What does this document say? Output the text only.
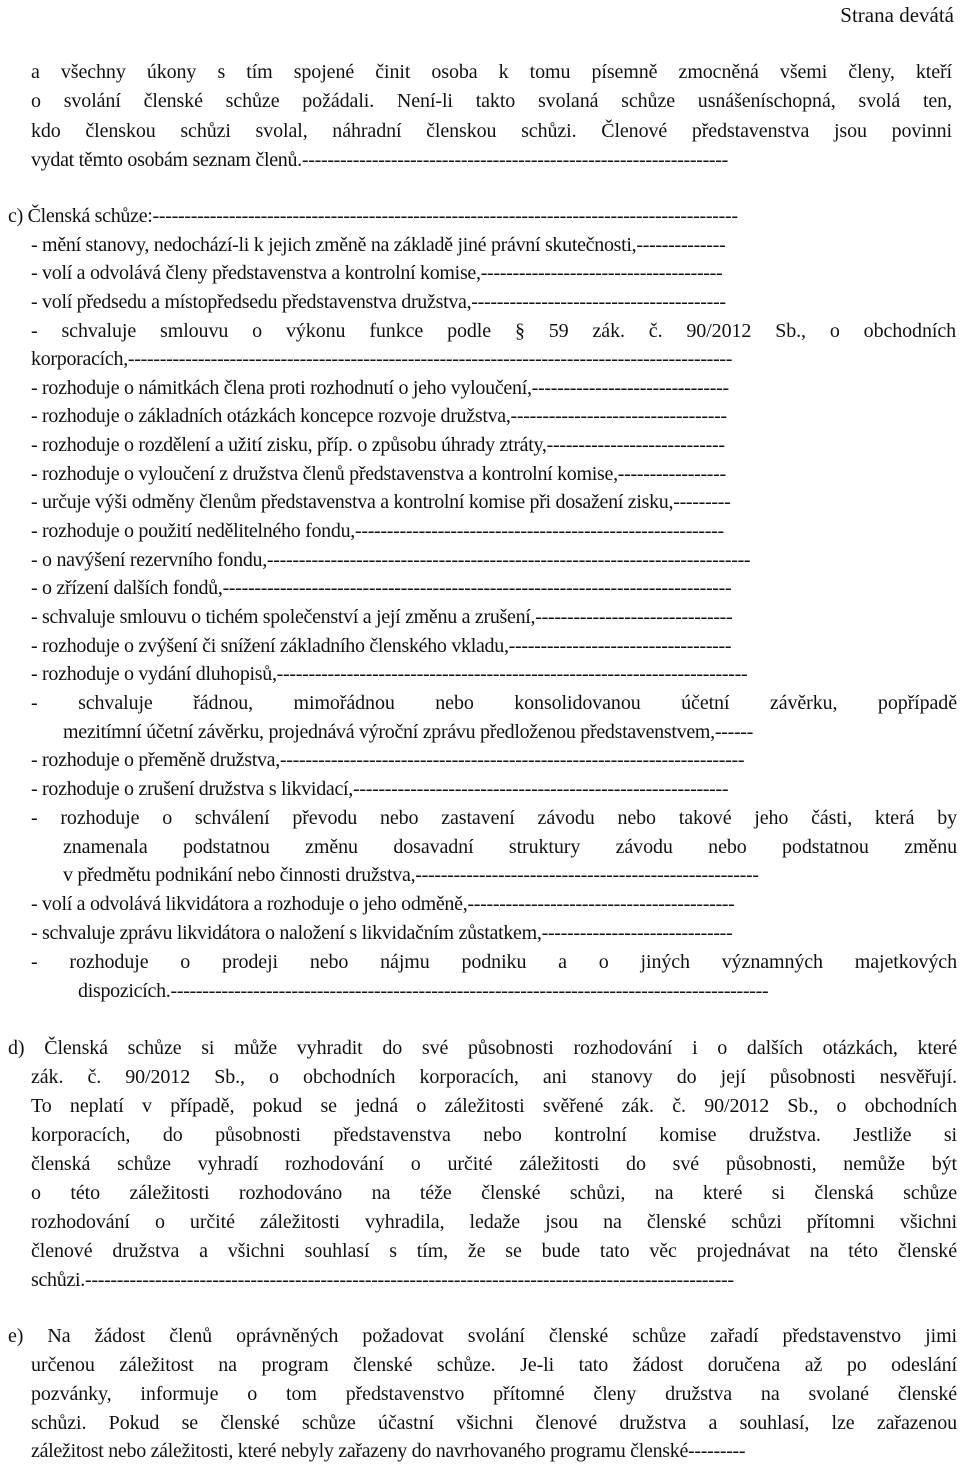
Strana devátá
a všechny úkony s tím spojené činit osoba k tomu písemně zmocněná všemi členy, kteří
o svolání členské schůze požádali. Není-li takto svolaná schůze usnášeníschopná, svolá ten,
kdo členskou schůzi svolal, náhradní členskou schůzi. Členové představenstva jsou povinni
vydat těmto osobám seznam členů.-------------------------------------------------------------------
c) Členská schůze:--------------------------------------------------------------------------------------------
- mění stanovy, nedochází-li k jejich změně na základě jiné právní skutečnosti,--------------
- volí a odvolává členy představenstva a kontrolní komise,--------------------------------------
- volí předsedu a místopředsedu představenstva družstva,----------------------------------------
- schvaluje smlouvu o výkonu funkce podle § 59 zák. č. 90/2012 Sb., o obchodních
korporacích,-----------------------------------------------------------------------------------------------
- rozhoduje o námitkách člena proti rozhodnutí o jeho vyloučení,-------------------------------
- rozhoduje o základních otázkách koncepce rozvoje družstva,----------------------------------
- rozhoduje o rozdělení a užití zisku, příp. o způsobu úhrady ztráty,----------------------------
- rozhoduje o vyloučení z družstva členů představenstva a kontrolní komise,-----------------
- určuje výši odměny členům představenstva a kontrolní komise při dosažení zisku,---------
- rozhoduje o použití nedělitelného fondu,----------------------------------------------------------
- o navýšení rezervního fondu,----------------------------------------------------------------------------
- o zřízení dalších fondů,--------------------------------------------------------------------------------
- schvaluje smlouvu o tichém společenství a její změnu a zrušení,-------------------------------
- rozhoduje o zvýšení či snížení základního členského vkladu,-----------------------------------
- rozhoduje o vydání dluhopisů,--------------------------------------------------------------------------
- schvaluje řádnou, mimořádnou nebo konsolidovanou účetní závěrku, popřípadě
mezitímní účetní závěrku, projednává výroční zprávu předloženou představenstvem,------
- rozhoduje o přeměně družstva,-------------------------------------------------------------------------
- rozhoduje o zrušení družstva s likvidací,-----------------------------------------------------------
- rozhoduje o schválení převodu nebo zastavení závodu nebo takové jeho části, která by
znamenala podstatnou změnu dosavadní struktury závodu nebo podstatnou změnu
v předmětu podnikání nebo činnosti družstva,------------------------------------------------------
- volí a odvolává likvidátora a rozhoduje o jeho odměně,------------------------------------------
- schvaluje zprávu likvidátora o naložení s likvidačním zůstatkem,------------------------------
- rozhoduje o prodeji nebo nájmu podniku a o jiných významných majetkových
dispozicích.----------------------------------------------------------------------------------------------
d) Členská schůze si může vyhradit do své působnosti rozhodování i o dalších otázkách, které
zák. č. 90/2012 Sb., o obchodních korporacích, ani stanovy do její působnosti nesvěřují.
To neplatí v případě, pokud se jedná o záležitosti svěřené zák. č. 90/2012 Sb., o obchodních
korporacích, do působnosti představenstva nebo kontrolní komise družstva. Jestliže si
členská schůze vyhradí rozhodování o určité záležitosti do své působnosti, nemůže být
o této záležitosti rozhodováno na téže členské schůzi, na které si členská schůze
rozhodování o určité záležitosti vyhradila, ledaže jsou na členské schůzi přítomni všichni
členové družstva a všichni souhlasí s tím, že se bude tato věc projednávat na této členské
schůzi.------------------------------------------------------------------------------------------------------
e) Na žádost členů oprávněných požadovat svolání členské schůze zařadí představenstvo jimi
určenou záležitost na program členské schůze. Je-li tato žádost doručena až po odeslání
pozvánky, informuje o tom představenstvo přítomné členy družstva na svolané členské
schůzi. Pokud se členské schůze účastní všichni členové družstva a souhlasí, lze zařazenou
záležitost nebo záležitosti, které nebyly zařazeny do navrhovaného programu členské---------
